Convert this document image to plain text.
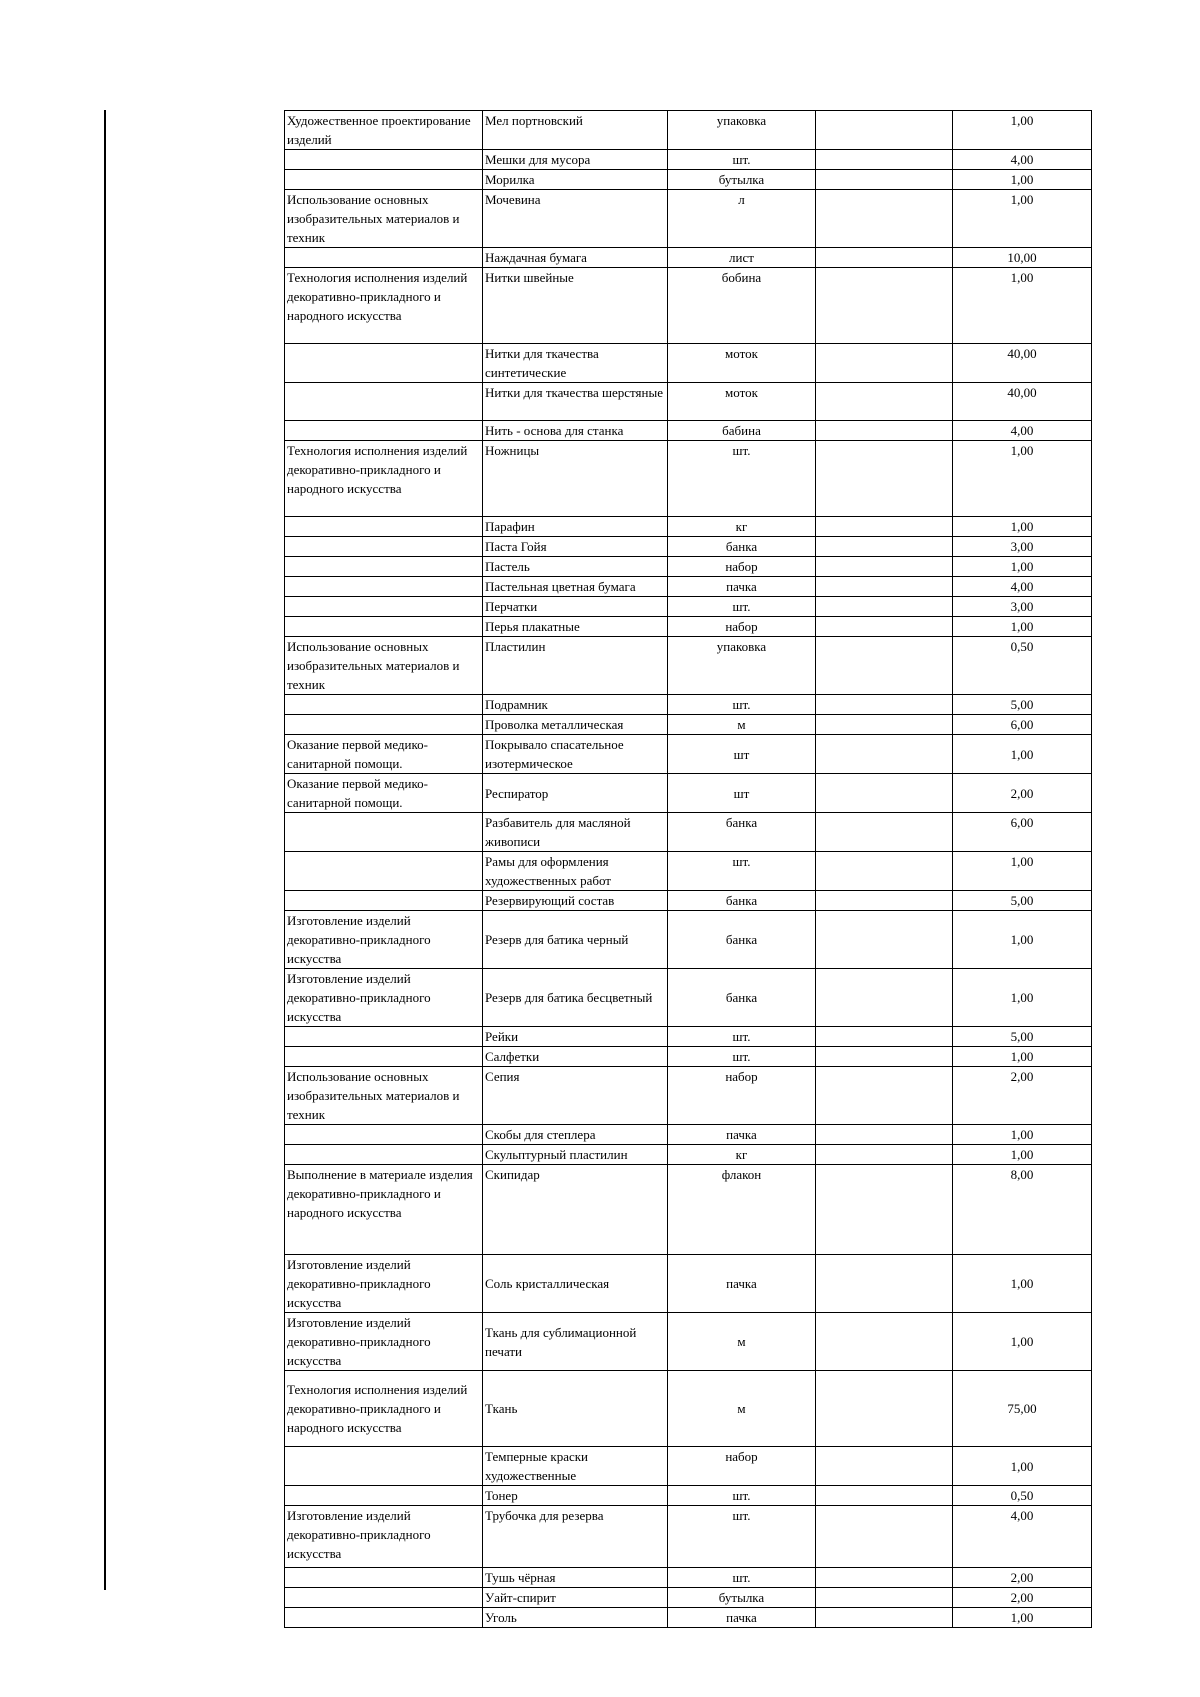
Художественное проектирование изделий	Мел портновский	упаковка		1,00
	Мешки для мусора	шт.		4,00
	Морилка	бутылка		1,00
Использование основных изобразительных материалов и техник	Мочевина	л		1,00
	Наждачная бумага	лист		10,00
Технология исполнения изделий декоративно-прикладного и народного искусства	Нитки швейные	бобина		1,00
	Нитки для ткачества синтетические	моток		40,00
	Нитки для ткачества шерстяные	моток		40,00
	Нить - основа для станка	бабина		4,00
Технология исполнения изделий декоративно-прикладного и народного искусства	Ножницы	шт.		1,00
	Парафин	кг		1,00
	Паста Гойя	банка		3,00
	Пастель	набор		1,00
	Пастельная цветная бумага	пачка		4,00
	Перчатки	шт.		3,00
	Перья плакатные	набор		1,00
Использование основных изобразительных материалов и техник	Пластилин	упаковка		0,50
	Подрамник	шт.		5,00
	Проволка металлическая	м		6,00
Оказание первой медико-санитарной помощи.	Покрывало спасательное изотермическое	шт		1,00
Оказание первой медико-санитарной помощи.	Респиратор	шт		2,00
	Разбавитель для масляной живописи	банка		6,00
	Рамы для оформления художественных работ	шт.		1,00
	Резервирующий состав	банка		5,00
Изготовление изделий декоративно-прикладного искусства	Резерв для батика черный	банка		1,00
Изготовление изделий декоративно-прикладного искусства	Резерв для батика бесцветный	банка		1,00
	Рейки	шт.		5,00
	Салфетки	шт.		1,00
Использование основных изобразительных материалов и техник	Сепия	набор		2,00
	Скобы для степлера	пачка		1,00
	Скульптурный пластилин	кг		1,00
Выполнение в материале изделия декоративно-прикладного и народного искусства	Скипидар	флакон		8,00
Изготовление изделий декоративно-прикладного искусства	Соль кристаллическая	пачка		1,00
Изготовление изделий декоративно-прикладного искусства	Ткань для сублимационной печати	м		1,00
Технология исполнения изделий декоративно-прикладного и народного искусства	Ткань	м		75,00
	Темперные краски художественные	набор		1,00
	Тонер	шт.		0,50
Изготовление изделий декоративно-прикладного искусства	Трубочка для резерва	шт.		4,00
	Тушь чёрная	шт.		2,00
	Уайт-спирит	бутылка		2,00
	Уголь	пачка		1,00
